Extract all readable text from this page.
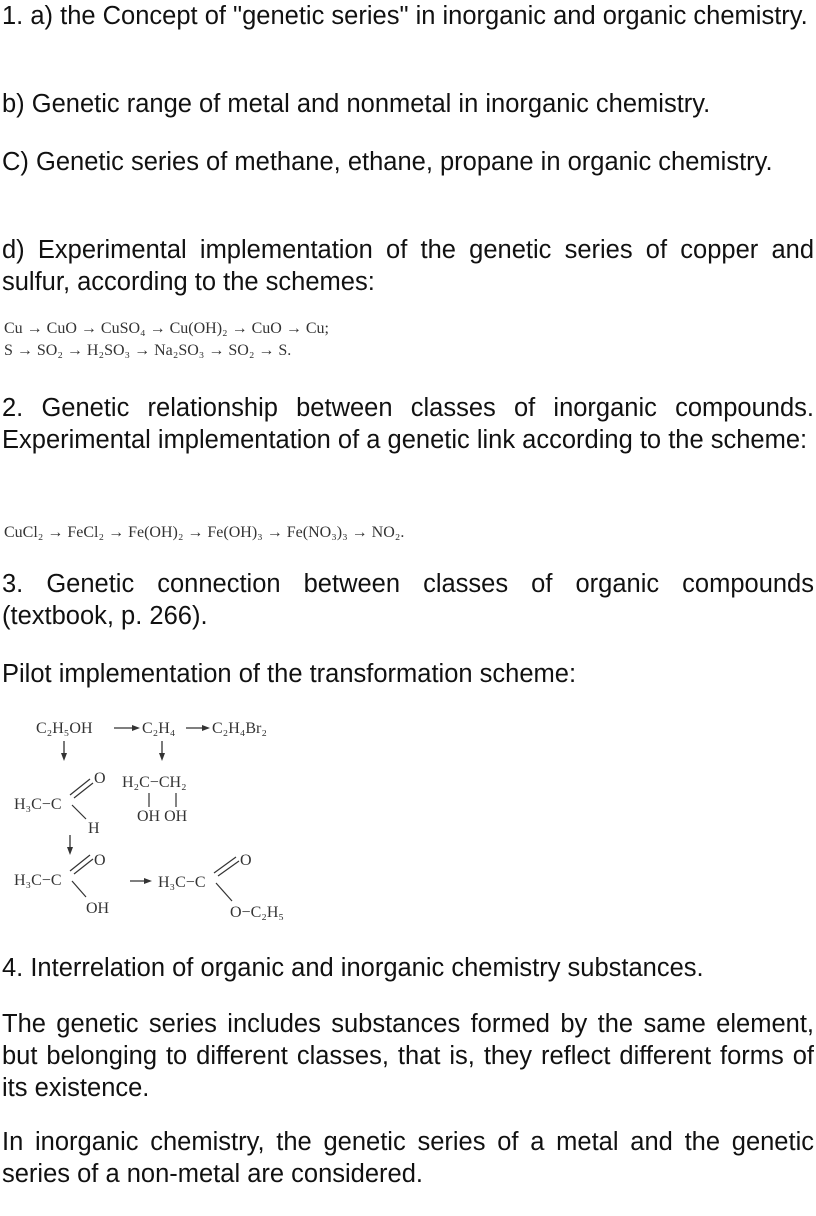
1. a) the Concept of "genetic series" in inorganic and organic chemistry.

b) Genetic range of metal and nonmetal in inorganic chemistry.

C) Genetic series of methane, ethane, propane in organic chemistry.

d) Experimental implementation of the genetic series of copper and sulfur, according to the schemes:

Cu → CuO → CuSO₄ → Cu(OH)₂ → CuO → Cu;
S → SO₂ → H₂SO₃ → Na₂SO₃ → SO₂ → S.

2. Genetic relationship between classes of inorganic compounds. Experimental implementation of a genetic link according to the scheme:

CuCl₂ → FeCl₂ → Fe(OH)₂ → Fe(OH)₃ → Fe(NO₃)₃ → NO₂.

3. Genetic connection between classes of organic compounds (textbook, p. 266).

Pilot implementation of the transformation scheme:

C₂H₅OH	C₂H₄ C₂H₄Br₂
H₃C−C
O
H
H₂C−CH₂
OH OH
H₃C−C
O
OH
H₃C−C
O
O−C₂H₅

4. Interrelation of organic and inorganic chemistry substances.

The genetic series includes substances formed by the same element, but belonging to different classes, that is, they reflect different forms of its existence.

In inorganic chemistry, the genetic series of a metal and the genetic series of a non-metal are considered.
